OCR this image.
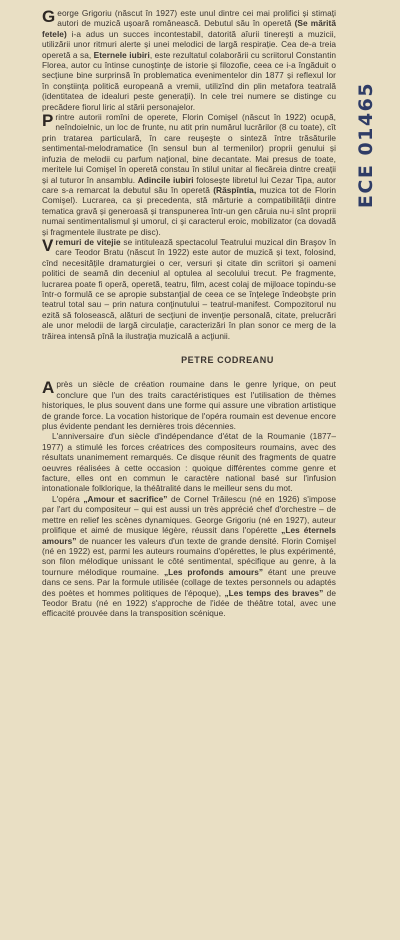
George Grigoriu (născut în 1927) este unul dintre cei mai prolifici și stimați autori de muzică ușoară românească. Debutul său în operetă (Se mărită fetele) i-a adus un succes incontestabil, datorită aîurii tinereşti a muzicii, utilizării unor ritmuri alerte și unei melodici de largă respirație. Cea de-a treia operetă a sa, Eternele iubiri, este rezultatul colaborării cu scriitorul Constantin Florea, autor cu întinse cunoştinţe de istorie și filozofie, ceea ce i-a îngăduit o secțiune bine surprinsă în problematica evenimentelor din 1877 și reflexul lor în conștiința politică europeană a vremii, utilizînd din plin metafora teatrală (identitatea de idealuri peste generații). In cele trei numere se distinge cu precădere fiorul liric al stării personajelor.

Printre autorii romîni de operete, Florin Comişel (născut în 1922) ocupă, neîndoielnic, un loc de frunte, nu atit prin numărul lucrărilor (8 cu toate), cît prin tratarea particulară, în care reuşeşte o sinteză între trăsăturile sentimental-melodramatice (în sensul bun al termenilor) proprii genului și infuzia de melodii cu parfum naţional, bine decantate. Mai presus de toate, meritele lui Comişel în operetă constau în stilul unitar al fiecăreia dintre creații și al tuturor în ansamblu. Adincile iubiri folosește libretul lui Cezar Tipa, autor care s-a remarcat la debutul său în operetă (Răspîntia, muzica tot de Florin Comişel). Lucrarea, ca și precedenta, stă mărturie a compatibilității dintre tematica gravă și generoasă și transpunerea într-un gen căruia nu-i sînt proprii numai sentimentalismul şi umorul, ci şi caracterul eroic, mobilizator (ca dovadă și fragmentele ilustrate pe disc).

Vremuri de vitejie se intitulează spectacolul Teatrului muzical din Braşov în care Teodor Bratu (născut în 1922) este autor de muzică și text, folosind, cînd necesitățile dramaturgiei o cer, versuri și citate din scriitori și oameni politici de seamă din deceniul al optulea al secolului trecut. Pe fragmente, lucrarea poate fi operă, operetă, teatru, film, acest colaj de mijloace topindu-se într-o formulă ce se apropie substanţial de ceea ce se înţelege îndeobşte prin teatrul total sau – prin natura conţinutului – teatrul-manifest. Compozitorul nu ezită să folosească, alături de secţiuni de invenţie personală, citate, prelucrări ale unor melodii de largă circulaţie, caracterizări în plan sonor ce merg de la trăirea intensă pînă la ilustraţia muzicală a acţiunii.

PETRE CODREANU

Après un siècle de création roumaine dans le genre lyrique, on peut conclure que l'un des traits caractéristiques est l'utilisation de thèmes historiques, le plus souvent dans une forme qui assure une vibration artistique de grande force. La vocation historique de l'opéra roumain est devenue encore plus évidente pendant les dernières trois décennies.

L'anniversaire d'un siècle d'indépendance d'état de la Roumanie (1877–1977) a stimulé les forces créatrices des compositeurs roumains, avec des résultats unanimement remarqués. Ce disque réunit des fragments de quatre oeuvres réalisées à cette occasion : quoique différentes comme genre et facture, elles ont en commun le caractère national basé sur l'infusion intonationale folklorique, la théâtralité dans le meilleur sens du mot.

L'opéra „Amour et sacrifice” de Cornel Trăilescu (né en 1926) s'impose par l'art du compositeur – qui est aussi un très apprécié chef d'orchestre – de mettre en relief les scènes dynamiques. George Grigoriu (né en 1927), auteur prolifique et aimé de musique légère, réussit dans l'opérette „Les éternels amours” de nuancer les valeurs d'un texte de grande densité. Florin Comişel (né en 1922) est, parmi les auteurs roumains d'opérettes, le plus expérimenté, son filon mélodique unissant le côté sentimental, spécifique au genre, à la tournure mélodique roumaine. „Les profonds amours” étant une preuve dans ce sens. Par la formule utilisée (collage de textes personnels ou adaptés des poètes et hommes politiques de l'époque), „Les temps des braves” de Teodor Bratu (né en 1922) s'approche de l'idée de théâtre total, avec une efficacité prouvée dans la transposition scénique.

ECE 01465
